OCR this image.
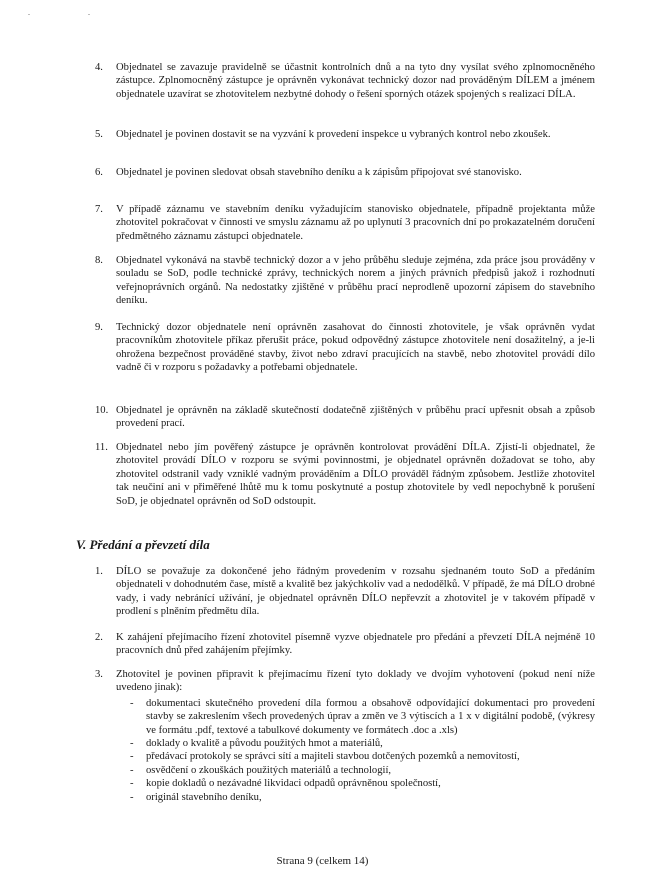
. .
4.	Objednatel se zavazuje pravidelně se účastnit kontrolních dnů a na tyto dny vysílat svého zplnomocněného zástupce. Zplnomocněný zástupce je oprávněn vykonávat technický dozor nad prováděným DÍLEM a jménem objednatele uzavírat se zhotovitelem nezbytné dohody o řešení sporných otázek spojených s realizací DÍLA.
5.	Objednatel je povinen dostavit se na vyzvání k provedení inspekce u vybraných kontrol nebo zkoušek.
6.	Objednatel je povinen sledovat obsah stavebního deníku a k zápisům připojovat své stanovisko.
7.	V případě záznamu ve stavebním deníku vyžadujícím stanovisko objednatele, případně projektanta může zhotovitel pokračovat v činnosti ve smyslu záznamu až po uplynutí 3 pracovních dní po prokazatelném doručení předmětného záznamu zástupci objednatele.
8.	Objednatel vykonává na stavbě technický dozor a v jeho průběhu sleduje zejména, zda práce jsou prováděny v souladu se SoD, podle technické zprávy, technických norem a jiných právních předpisů jakož i rozhodnutí veřejnoprávních orgánů. Na nedostatky zjištěné v průběhu prací neprodleně upozorní zápisem do stavebního deníku.
9.	Technický dozor objednatele není oprávněn zasahovat do činnosti zhotovitele, je však oprávněn vydat pracovníkům zhotovitele příkaz přerušit práce, pokud odpovědný zástupce zhotovitele není dosažitelný, a je-li ohrožena bezpečnost prováděné stavby, život nebo zdraví pracujících na stavbě, nebo zhotovitel provádí dílo vadně či v rozporu s požadavky a potřebami objednatele.
10. Objednatel je oprávněn na základě skutečností dodatečně zjištěných v průběhu prací upřesnit obsah a způsob provedení prací.
11. Objednatel nebo jím pověřený zástupce je oprávněn kontrolovat provádění DÍLA. Zjistí-li objednatel, že zhotovitel provádí DÍLO v rozporu se svými povinnostmi, je objednatel oprávněn dožadovat se toho, aby zhotovitel odstranil vady vzniklé vadným prováděním a DÍLO prováděl řádným způsobem. Jestliže zhotovitel tak neučiní ani v přiměřené lhůtě mu k tomu poskytnuté a postup zhotovitele by vedl nepochybně k porušení SoD, je objednatel oprávněn od SoD odstoupit.
V. Předání a převzetí díla
1.	DÍLO se považuje za dokončené jeho řádným provedením v rozsahu sjednaném touto SoD a předáním objednateli v dohodnutém čase, místě a kvalitě bez jakýchkoliv vad a nedodělků. V případě, že má DÍLO drobné vady, i vady nebránící užívání, je objednatel oprávněn DÍLO nepřevzít a zhotovitel je v takovém případě v prodlení s plněním předmětu díla.
2.	K zahájení přejímacího řízení zhotovitel písemně vyzve objednatele pro předání a převzetí DÍLA nejméně 10 pracovních dnů před zahájením přejímky.
3.	Zhotovitel je povinen připravit k přejímacímu řízení tyto doklady ve dvojím vyhotovení (pokud není níže uvedeno jinak):
- dokumentaci skutečného provedení díla formou a obsahově odpovídající dokumentaci pro provedení stavby se zakreslením všech provedených úprav a změn ve 3 výtiscích a 1 x v digitální podobě, (výkresy ve formátu .pdf, textové a tabulkové dokumenty ve formátech .doc a .xls)
- doklady o kvalitě a původu použitých hmot a materiálů,
- předávací protokoly se správci sítí a majiteli stavbou dotčených pozemků a nemovitostí,
- osvědčení o zkouškách použitých materiálů a technologií,
- kopie dokladů o nezávadné likvidaci odpadů oprávněnou společností,
- originál stavebního deníku,
Strana 9 (celkem 14)
